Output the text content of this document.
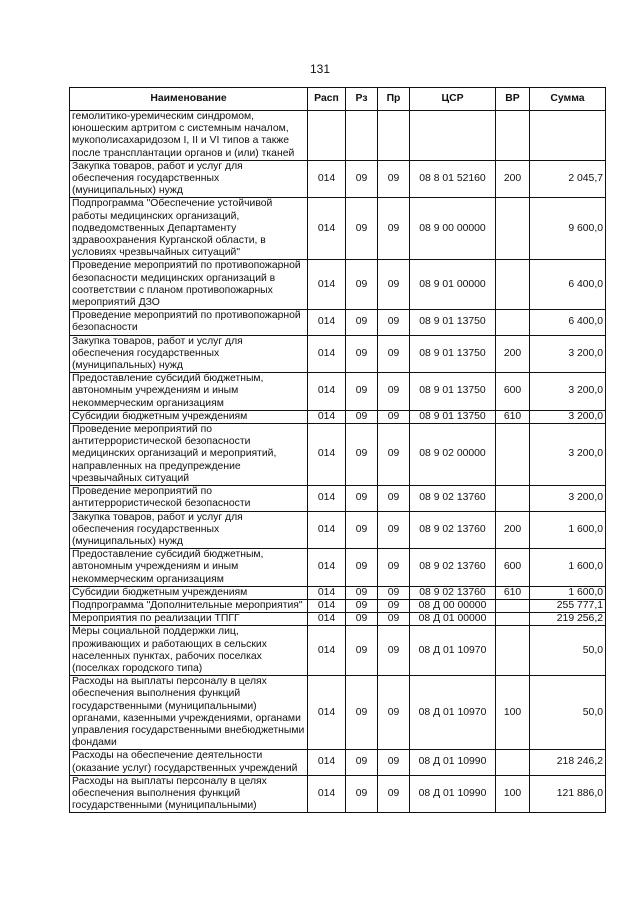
131
Наименование	Расп	Рз	Пр	ЦСР	ВР	Сумма
гемолитико-уремическим синдромом, юношеским артритом с системным началом, мукополисахаридозом I, II и VI типов а также после трансплантации органов и (или) тканей						
Закупка товаров, работ и услуг для обеспечения государственных (муниципальных) нужд	014	09	09	08 8 01 52160	200	2 045,7
Подпрограмма "Обеспечение устойчивой работы медицинских организаций, подведомственных Департаменту здравоохранения Курганской области, в условиях чрезвычайных ситуаций"	014	09	09	08 9 00 00000		9 600,0
Проведение мероприятий по противопожарной безопасности медицинских организаций в соответствии с планом противопожарных мероприятий ДЗО	014	09	09	08 9 01 00000		6 400,0
Проведение мероприятий по противопожарной безопасности	014	09	09	08 9 01 13750		6 400,0
Закупка товаров, работ и услуг для обеспечения государственных (муниципальных) нужд	014	09	09	08 9 01 13750	200	3 200,0
Предоставление субсидий бюджетным, автономным учреждениям и иным некоммерческим организациям	014	09	09	08 9 01 13750	600	3 200,0
Субсидии бюджетным учреждениям	014	09	09	08 9 01 13750	610	3 200,0
Проведение мероприятий по антитеррористической безопасности медицинских организаций и мероприятий, направленных на предупреждение чрезвычайных ситуаций	014	09	09	08 9 02 00000		3 200,0
Проведение мероприятий по антитеррористической безопасности	014	09	09	08 9 02 13760		3 200,0
Закупка товаров, работ и услуг для обеспечения государственных (муниципальных) нужд	014	09	09	08 9 02 13760	200	1 600,0
Предоставление субсидий бюджетным, автономным учреждениям и иным некоммерческим организациям	014	09	09	08 9 02 13760	600	1 600,0
Субсидии бюджетным учреждениям	014	09	09	08 9 02 13760	610	1 600,0
Подпрограмма "Дополнительные мероприятия"	014	09	09	08 Д 00 00000		255 777,1
Мероприятия по реализации ТПГГ	014	09	09	08 Д 01 00000		219 256,2
Меры социальной поддержки лиц, проживающих и работающих в сельских населенных пунктах, рабочих поселках (поселках городского типа)	014	09	09	08 Д 01 10970		50,0
Расходы на выплаты персоналу в целях обеспечения выполнения функций государственными (муниципальными) органами, казенными учреждениями, органами управления государственными внебюджетными фондами	014	09	09	08 Д 01 10970	100	50,0
Расходы на обеспечение деятельности (оказание услуг) государственных учреждений	014	09	09	08 Д 01 10990		218 246,2
Расходы на выплаты персоналу в целях обеспечения выполнения функций государственными (муниципальными)	014	09	09	08 Д 01 10990	100	121 886,0
